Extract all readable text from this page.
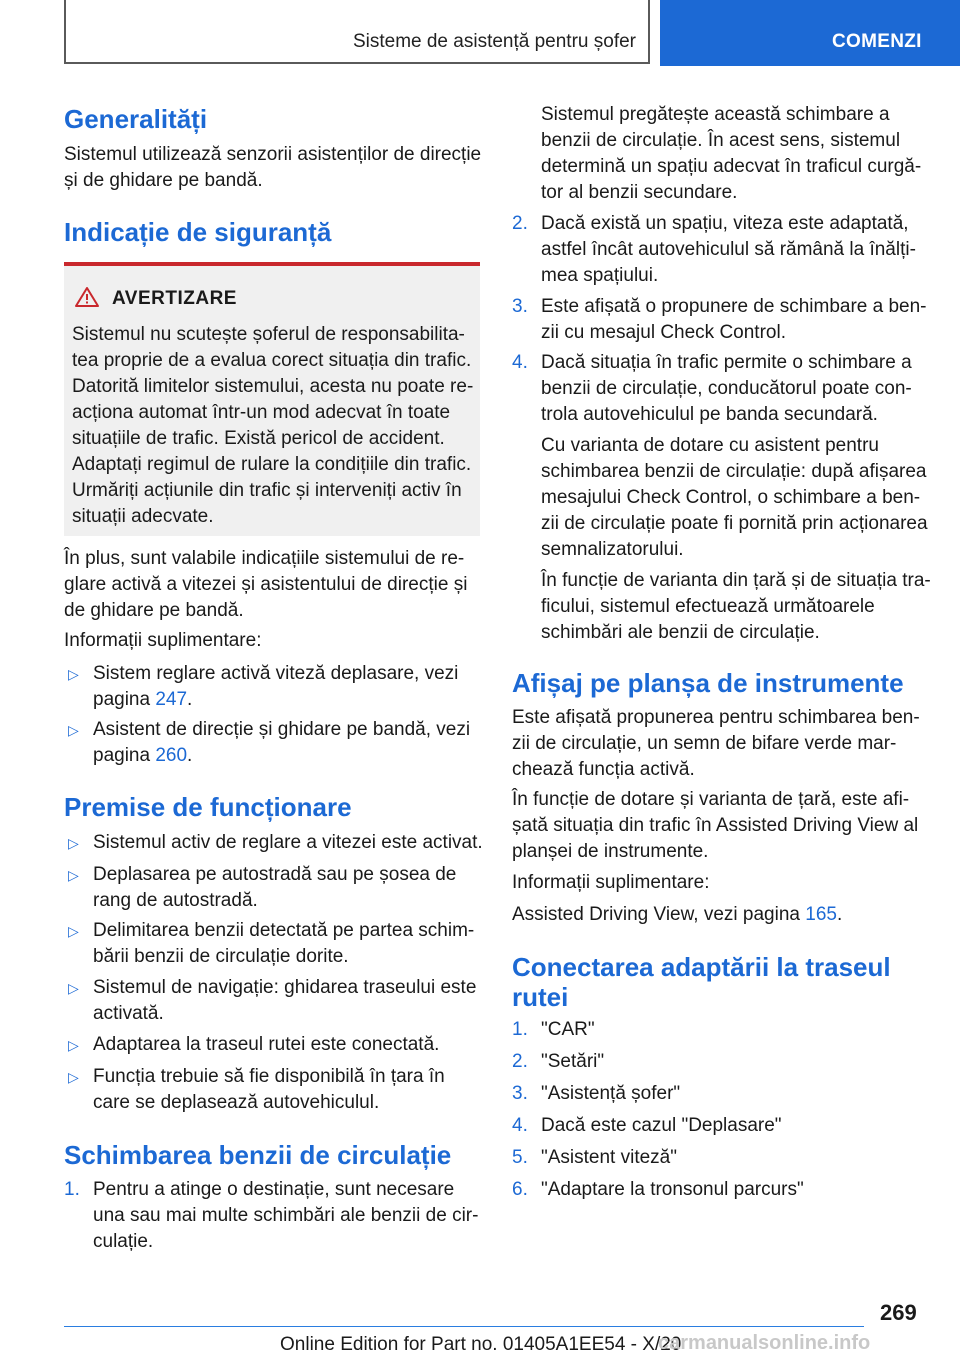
Sisteme de asistență pentru șofer	COMENZI
Generalități
Sistemul utilizează senzorii asistenților de direcție
și de ghidare pe bandă.
Indicație de siguranță
În plus, sunt valabile indicațiile sistemului de re‐
glare activă a vitezei și asistentului de direcție și
de ghidare pe bandă.
Informații suplimentare:
▷ Sistem reglare activă viteză deplasare, vezi
pagina 247.
▷ Asistent de direcție și ghidare pe bandă, vezi
pagina 260.
Premise de funcționare
▷ Sistemul activ de reglare a vitezei este activat.
▷ Deplasarea pe autostradă sau pe șosea de
rang de autostradă.
▷ Delimitarea benzii detectată pe partea schim‐
bării benzii de circulație dorite.
▷ Sistemul de navigație: ghidarea traseului este
activată.
▷ Adaptarea la traseul rutei este conectată.
▷ Funcția trebuie să fie disponibilă în țara în
care se deplasează autovehiculul.
Schimbarea benzii de circulație
1. Pentru a atinge o destinație, sunt necesare
una sau mai multe schimbări ale benzii de cir‐
culație.
AVERTIZARE
Sistemul nu scutește șoferul de responsabilita‐
tea proprie de a evalua corect situația din trafic.
Datorită limitelor sistemului, acesta nu poate re‐
acționa automat într-un mod adecvat în toate
situațiile de trafic. Există pericol de accident.
Adaptați regimul de rulare la condițiile din trafic.
Urmăriți acțiunile din trafic și interveniți activ în
situații adecvate.
Sistemul pregătește această schimbare a
benzii de circulație. În acest sens, sistemul
determină un spațiu adecvat în traficul curgă‐
tor al benzii secundare.
2. Dacă există un spațiu, viteza este adaptată,
astfel încât autovehiculul să rămână la înălți‐
mea spațiului.
3. Este afișată o propunere de schimbare a ben‐
zii cu mesajul Check Control.
4. Dacă situația în trafic permite o schimbare a
benzii de circulație, conducătorul poate con‐
trola autovehiculul pe banda secundară.
Cu varianta de dotare cu asistent pentru
schimbarea benzii de circulație: după afișarea
mesajului Check Control, o schimbare a ben‐
zii de circulație poate fi pornită prin acționarea
semnalizatorului.
În funcție de varianta din țară și de situația tra‐
ficului, sistemul efectuează următoarele
schimbări ale benzii de circulație.
Afișaj pe planșa de instrumente
Este afișată propunerea pentru schimbarea ben‐
zii de circulație, un semn de bifare verde mar‐
chează funcția activă.
În funcție de dotare și varianta de țară, este afi‐
șată situația din trafic în Assisted Driving View al
planșei de instrumente.
Informații suplimentare:
Assisted Driving View, vezi pagina 165.
Conectarea adaptării la traseul
rutei
1. "CAR"
2. "Setări"
3. "Asistență șofer"
4. Dacă este cazul "Deplasare"
5. "Asistent viteză"
6. "Adaptare la tronsonul parcurs"
269
Online Edition for Part no. 01405A1EE54 - X/20
carmanualsonline.info
